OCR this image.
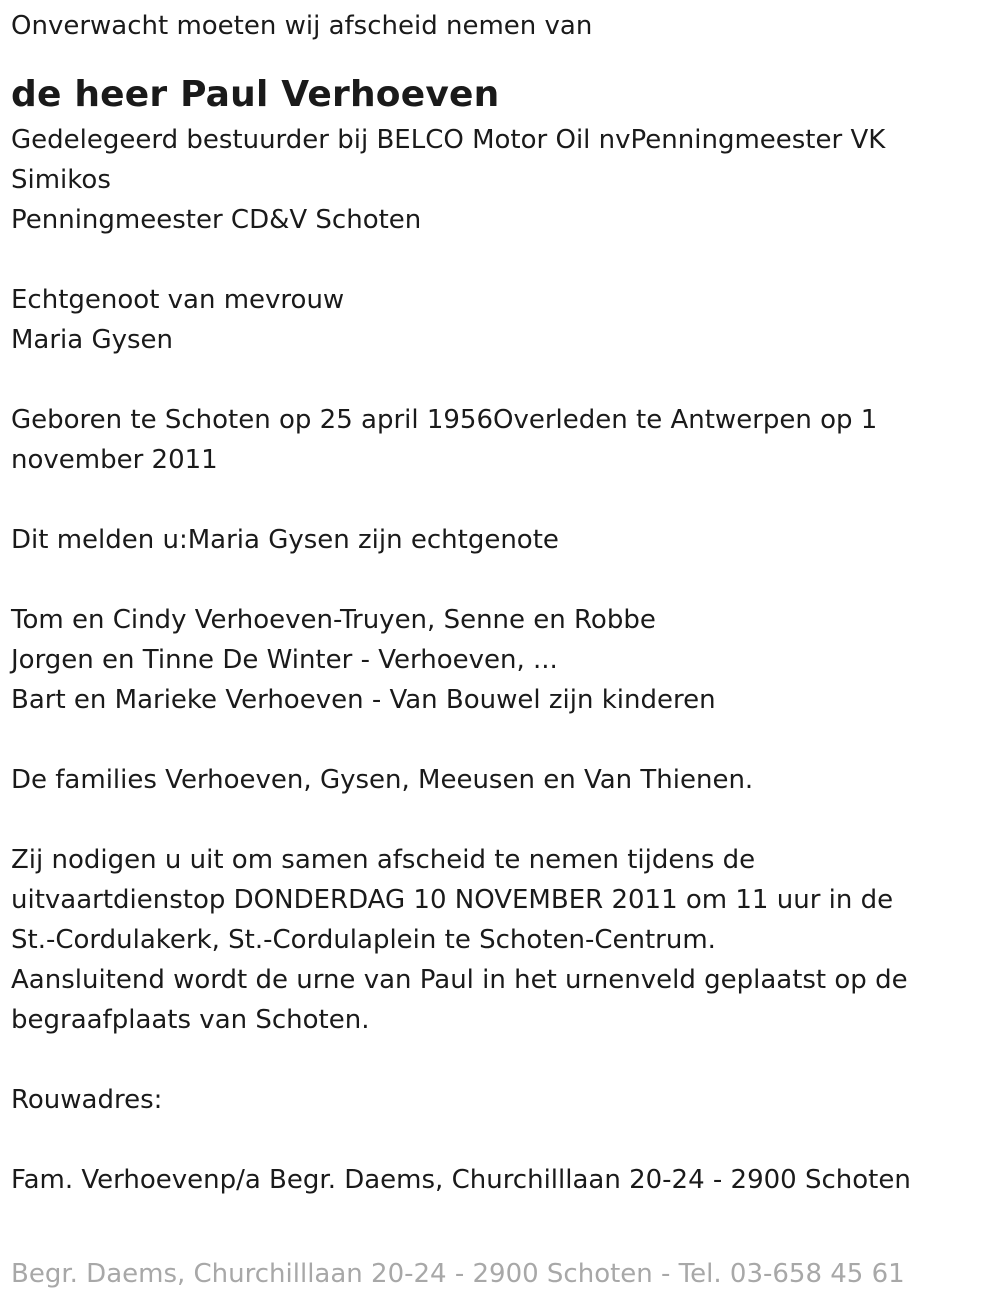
Onverwacht moeten wij afscheid nemen van

de heer Paul Verhoeven

Gedelegeerd bestuurder bij BELCO Motor Oil nvPenningmeester VK

Simikos

Penningmeester CD&V Schoten

Echtgenoot van mevrouw

Maria Gysen

Geboren te Schoten op 25 april 1956Overleden te Antwerpen op 1

november 2011

Dit melden u:Maria Gysen zijn echtgenote

Tom en Cindy Verhoeven-Truyen, Senne en Robbe

Jorgen en Tinne De Winter - Verhoeven, ...

Bart en Marieke Verhoeven - Van Bouwel zijn kinderen

De families Verhoeven, Gysen, Meeusen en Van Thienen.

Zij nodigen u uit om samen afscheid te nemen tijdens de

uitvaartdienstop DONDERDAG 10 NOVEMBER 2011 om 11 uur in de

St.-Cordulakerk, St.-Cordulaplein te Schoten-Centrum.

Aansluitend wordt de urne van Paul in het urnenveld geplaatst op de

begraafplaats van Schoten.

Rouwadres:

Fam. Verhoevenp/a Begr. Daems, Churchilllaan 20-24 - 2900 Schoten

Begr. Daems, Churchilllaan 20-24 - 2900 Schoten - Tel. 03-658 45 61
